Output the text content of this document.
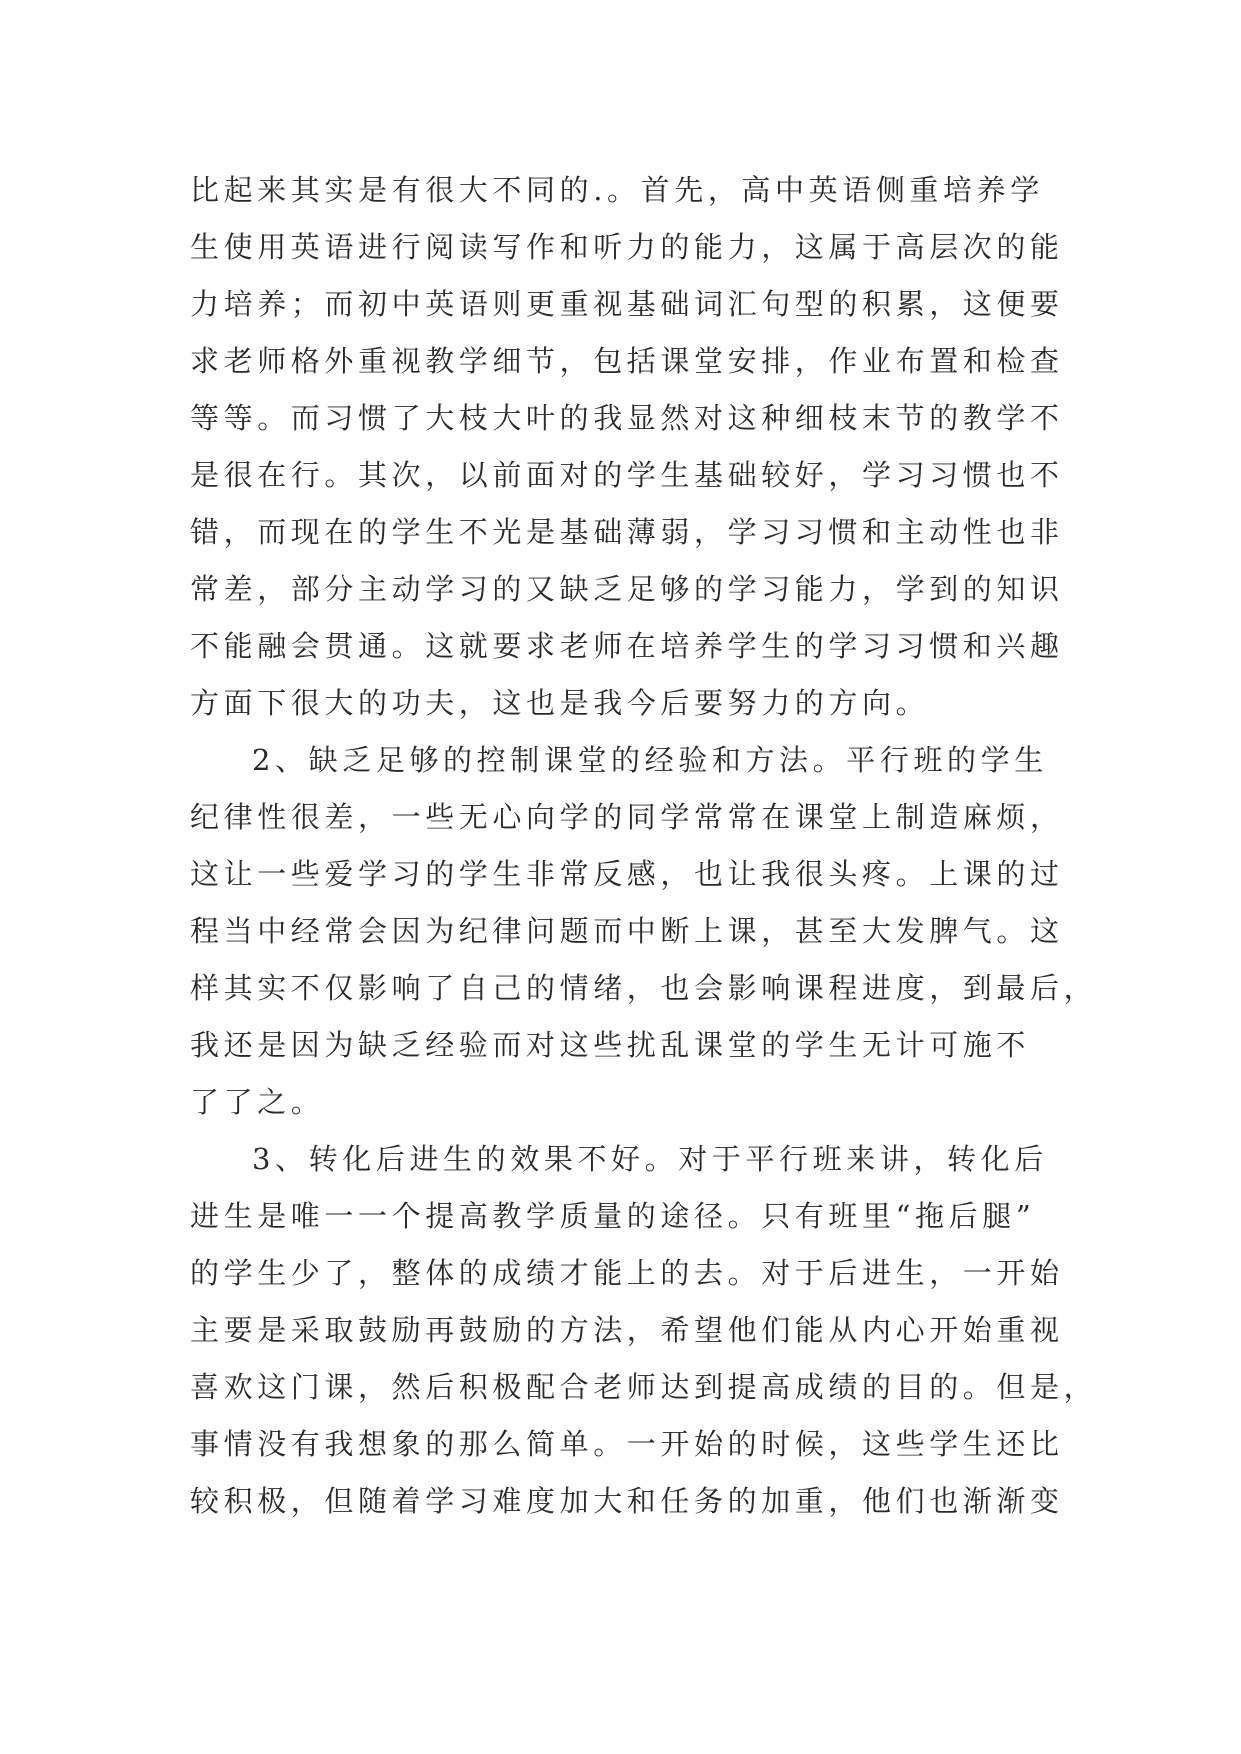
比起来其实是有很大不同的.。首先，高中英语侧重培养学
生使用英语进行阅读写作和听力的能力，这属于高层次的能
力培养；而初中英语则更重视基础词汇句型的积累，这便要
求老师格外重视教学细节，包括课堂安排，作业布置和检查
等等。而习惯了大枝大叶的我显然对这种细枝末节的教学不
是很在行。其次，以前面对的学生基础较好，学习习惯也不
错，而现在的学生不光是基础薄弱，学习习惯和主动性也非
常差，部分主动学习的又缺乏足够的学习能力，学到的知识
不能融会贯通。这就要求老师在培养学生的学习习惯和兴趣
方面下很大的功夫，这也是我今后要努力的方向。
2、缺乏足够的控制课堂的经验和方法。平行班的学生
纪律性很差，一些无心向学的同学常常在课堂上制造麻烦，
这让一些爱学习的学生非常反感，也让我很头疼。上课的过
程当中经常会因为纪律问题而中断上课，甚至大发脾气。这
样其实不仅影响了自己的情绪，也会影响课程进度，到最后，
我还是因为缺乏经验而对这些扰乱课堂的学生无计可施不
了了之。
3、转化后进生的效果不好。对于平行班来讲，转化后
进生是唯一一个提高教学质量的途径。只有班里“拖后腿”
的学生少了，整体的成绩才能上的去。对于后进生，一开始
主要是采取鼓励再鼓励的方法，希望他们能从内心开始重视
喜欢这门课，然后积极配合老师达到提高成绩的目的。但是，
事情没有我想象的那么简单。一开始的时候，这些学生还比
较积极，但随着学习难度加大和任务的加重，他们也渐渐变
